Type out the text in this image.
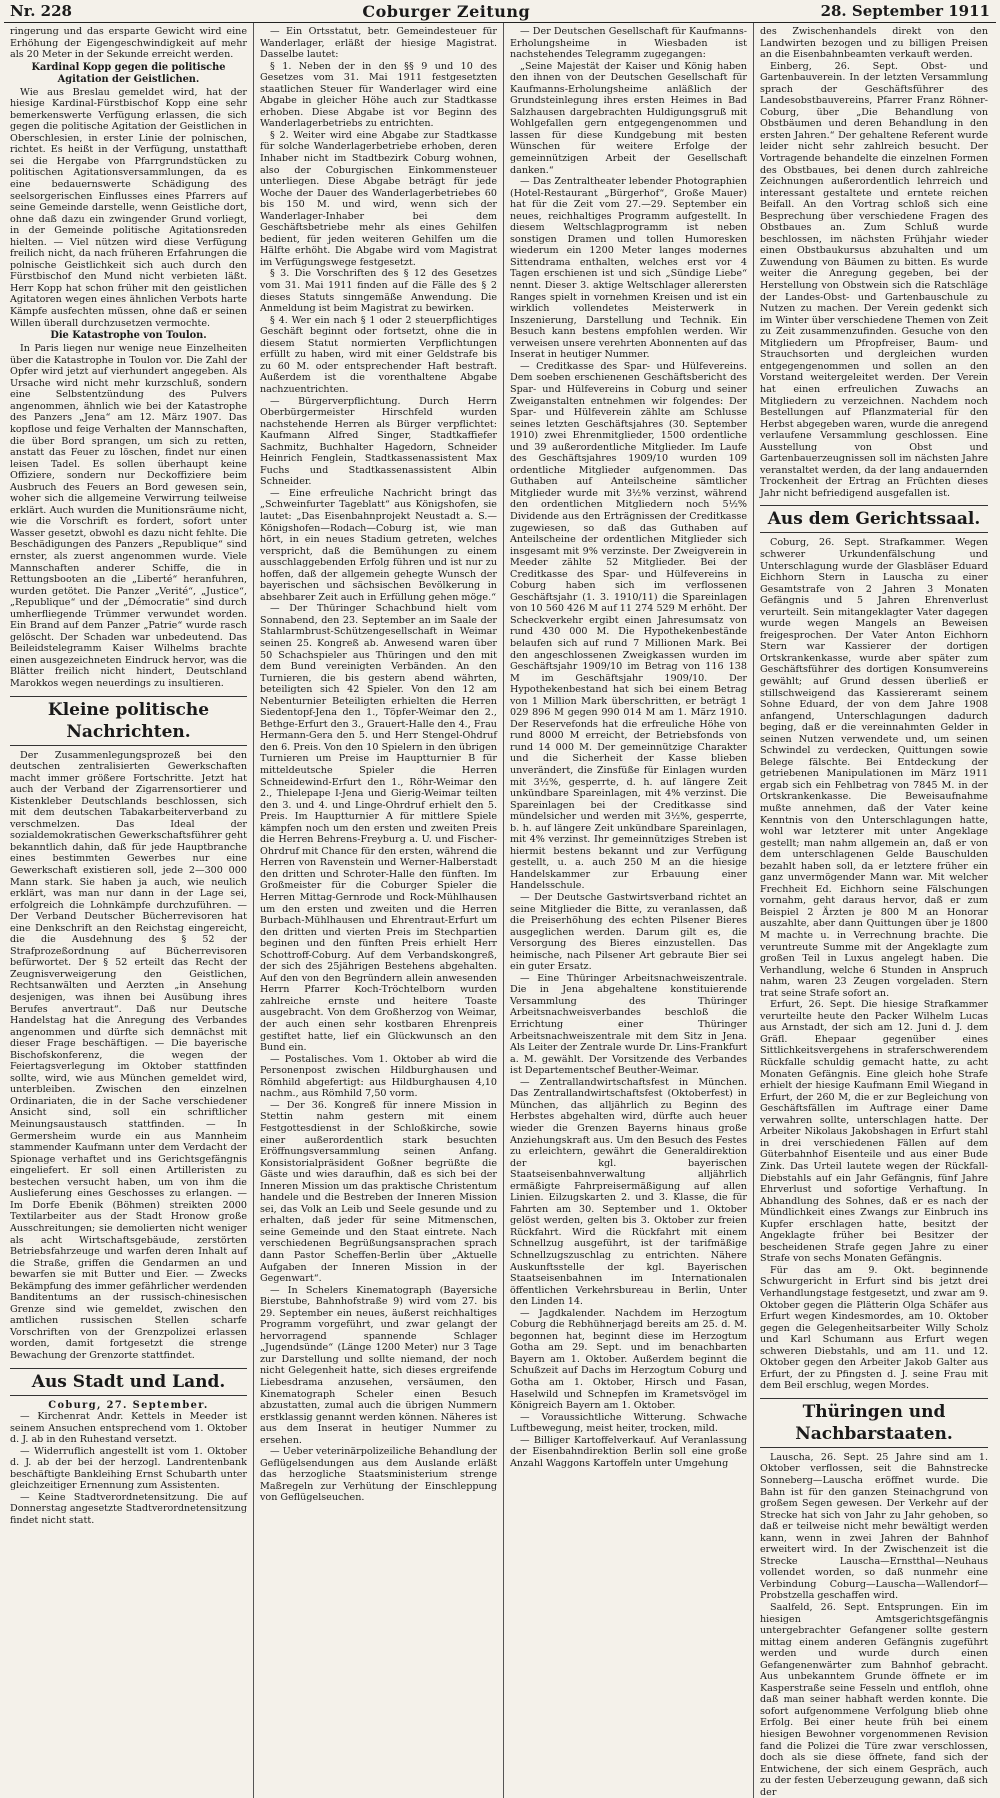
Nr. 228	Coburger Zeitung	28. September 1911

ringerung und das ersparte Gewicht wird eine Erhöhung der Eigengeschwindigkeit auf mehr als 20 Meter in der Sekunde erreicht werden.

Kardinal Kopp gegen die politische Agitation der Geistlichen.

Wie aus Breslau gemeldet wird, hat der hiesige Kardinal-Fürstbischof Kopp eine sehr bemerkenswerte Verfügung erlassen, die sich gegen die politische Agitation der Geistlichen in Oberschlesien, in erster Linie der polnischen, richtet. Es heißt in der Verfügung, unstatthaft sei die Hergabe von Pfarrgrundstücken zu politischen Agitationsversammlungen, da es eine bedauernswerte Schädigung des seelsorgerischen Einflusses eines Pfarrers auf seine Gemeinde darstelle, wenn Geistliche dort, ohne daß dazu ein zwingender Grund vorliegt, in der Gemeinde politische Agitationsreden hielten. — Viel nützen wird diese Verfügung freilich nicht, da nach früheren Erfahrungen die polnische Geistlichkeit sich auch durch den Fürstbischof den Mund nicht verbieten läßt. Herr Kopp hat schon früher mit den geistlichen Agitatoren wegen eines ähnlichen Verbots harte Kämpfe ausfechten müssen, ohne daß er seinen Willen überall durchzusetzen vermochte.

Die Katastrophe von Toulon.

In Paris liegen nur wenige neue Einzelheiten über die Katastrophe in Toulon vor. Die Zahl der Opfer wird jetzt auf vierhundert angegeben. Als Ursache wird nicht mehr kurzschluß, sondern eine Selbstentzündung des Pulvers angenommen, ähnlich wie bei der Katastrophe des Panzers „Jena“ am 12. März 1907. Das kopflose und feige Verhalten der Mannschaften, die über Bord sprangen, um sich zu retten, anstatt das Feuer zu löschen, findet nur einen leisen Tadel. Es sollen überhaupt keine Offiziere, sondern nur Deckoffiziere beim Ausbruch des Feuers an Bord gewesen sein, woher sich die allgemeine Verwirrung teilweise erklärt. Auch wurden die Munitionsräume nicht, wie die Vorschrift es fordert, sofort unter Wasser gesetzt, obwohl es dazu nicht fehlte. Die Beschädigungen des Panzers „Republique“ sind ernster, als zuerst angenommen wurde. Viele Mannschaften anderer Schiffe, die in Rettungsbooten an die „Liberté“ heranfuhren, wurden getötet. Die Panzer „Verité“, „Justice“, „Republique“ und der „Démocratie“ sind durch umherfliegende Trümmer verwundet worden. Ein Brand auf dem Panzer „Patrie“ wurde rasch gelöscht. Der Schaden war unbedeutend. Das Beileidstelegramm Kaiser Wilhelms brachte einen ausgezeichneten Eindruck hervor, was die Blätter freilich nicht hindert, Deutschland Marokkos wegen neuerdings zu insultieren.

Kleine politische Nachrichten.

Der Zusammenlegungsprozeß bei den deutschen zentralisierten Gewerkschaften macht immer größere Fortschritte. Jetzt hat auch der Verband der Zigarrensortierer und Kistenkleber Deutschlands beschlossen, sich mit dem deutschen Tabakarbeiterverband zu verschmelzen. Das Ideal der sozialdemokratischen Gewerkschaftsführer geht bekanntlich dahin, daß für jede Hauptbranche eines bestimmten Gewerbes nur eine Gewerkschaft existieren soll, jede 2—300 000 Mann stark. Sie haben ja auch, wie neulich erklärt, was man nur dann in der Lage sei, erfolgreich die Lohnkämpfe durchzuführen. — Der Verband Deutscher Bücherrevisoren hat eine Denkschrift an den Reichstag eingereicht, die die Ausdehnung des § 52 der Strafprozeßordnung auf Bücherrevisoren befürwortet. Der § 52 erteilt das Recht der Zeugnisverweigerung den Geistlichen, Rechtsanwälten und Aerzten „in Ansehung desjenigen, was ihnen bei Ausübung ihres Berufes anvertraut“. Daß nur Deutsche Handelstag hat die Anregung des Verbandes angenommen und dürfte sich demnächst mit dieser Frage beschäftigen. — Die bayerische Bischofskonferenz, die wegen der Feiertagsverlegung im Oktober stattfinden sollte, wird, wie aus München gemeldet wird, unterbleiben. Zwischen den einzelnen Ordinariaten, die in der Sache verschiedener Ansicht sind, soll ein schriftlicher Meinungsaustausch stattfinden. — In Germersheim wurde ein aus Mannheim stammender Kaufmann unter dem Verdacht der Spionage verhaftet und ins Gerichtsgefängnis eingeliefert. Er soll einen Artilleristen zu bestechen versucht haben, um von ihm die Auslieferung eines Geschosses zu erlangen. — Im Dorfe Ebenik (Böhmen) streikten 2000 Textilarbeiter aus der Stadt Hronow große Ausschreitungen; sie demolierten nicht weniger als acht Wirtschaftsgebäude, zerstörten Betriebsfahrzeuge und warfen deren Inhalt auf die Straße, griffen die Gendarmen an und bewarfen sie mit Butter und Eier. — Zwecks Bekämpfung des immer gefährlicher werdenden Banditentums an der russisch-chinesischen Grenze sind wie gemeldet, zwischen den amtlichen russischen Stellen scharfe Vorschriften von der Grenzpolizei erlassen worden, damit fortgesetzt die strenge Bewachung der Grenzorte stattfindet.

Aus Stadt und Land.
Coburg, 27. September.

— Kirchenrat Andr. Kettels in Meeder ist seinem Ansuchen entsprechend vom 1. Oktober d. J. ab in den Ruhestand versetzt.

— Widerruflich angestellt ist vom 1. Oktober d. J. ab der bei der herzogl. Landrentenbank beschäftigte Bankleihing Ernst Schubarth unter gleichzeitiger Ernennung zum Assistenten.

— Keine Stadtverordnetensitzung. Die auf Donnerstag angesetzte Stadtverordnetensitzung findet nicht statt.

— Ein Ortsstatut, betr. Gemeindesteuer für Wanderlager, erläßt der hiesige Magistrat. Dasselbe lautet:

§ 1. Neben der in den §§ 9 und 10 des Gesetzes vom 31. Mai 1911 festgesetzten staatlichen Steuer für Wanderlager wird eine Abgabe in gleicher Höhe auch zur Stadtkasse erhoben. Diese Abgabe ist vor Beginn des Wanderlagerbetriebs zu entrichten.

§ 2. Weiter wird eine Abgabe zur Stadtkasse für solche Wanderlagerbetriebe erhoben, deren Inhaber nicht im Stadtbezirk Coburg wohnen, also der Coburgischen Einkommensteuer unterliegen. Diese Abgabe beträgt für jede Woche der Dauer des Wanderlagerbetriebes 60 bis 150 M. und wird, wenn sich der Wanderlager-Inhaber bei dem Geschäftsbetriebe mehr als eines Gehilfen bedient, für jeden weiteren Gehilfen um die Hälfte erhöht. Die Abgabe wird vom Magistrat im Verfügungswege festgesetzt.

§ 3. Die Vorschriften des § 12 des Gesetzes vom 31. Mai 1911 finden auf die Fälle des § 2 dieses Statuts sinngemäße Anwendung. Die Anmeldung ist beim Magistrat zu bewirken.

§ 4. Wer ein nach § 1 oder 2 steuerpflichtiges Geschäft beginnt oder fortsetzt, ohne die in diesem Statut normierten Verpflichtungen erfüllt zu haben, wird mit einer Geldstrafe bis zu 60 M. oder entsprechender Haft bestraft. Außerdem ist die vorenthaltene Abgabe nachzuentrichten.

— Bürgerverpflichtung. Durch Herrn Oberbürgermeister Hirschfeld wurden nachstehende Herren als Bürger verpflichtet: Kaufmann Alfred Singer, Stadtkaffiefer Sachmitz, Buchhalter Hagedorn, Schneider Heinrich Fenglein, Stadtkassenassistent Max Fuchs und Stadtkassenassistent Albin Schneider.

— Eine erfreuliche Nachricht bringt das „Schweinfurter Tageblatt“ aus Königshofen, sie lautet: „Das Eisenbahnprojekt Neustadt a. S.—Königshofen—Rodach—Coburg ist, wie man hört, in ein neues Stadium getreten, welches verspricht, daß die Bemühungen zu einem ausschlaggebenden Erfolg führen und ist nur zu hoffen, daß der allgemein gehegte Wunsch der bayerischen und sächsischen Bevölkerung in absehbarer Zeit auch in Erfüllung gehen möge.“

— Der Thüringer Schachbund hielt vom Sonnabend, den 23. September an im Saale der Stahlarmbrust-Schützengesellschaft in Weimar seinen 25. Kongreß ab. Anwesend waren über 50 Schachspieler aus Thüringen und den mit dem Bund vereinigten Verbänden. An den Turnieren, die bis gestern abend währten, beteiligten sich 42 Spieler. Von den 12 am Nebenturnier Beteiligten erhielten die Herren Siedentopf-Jena den 1., Töpfer-Weimar den 2., Bethge-Erfurt den 3., Grauert-Halle den 4., Frau Hermann-Gera den 5. und Herr Stengel-Ohdruf den 6. Preis. Von den 10 Spielern in den übrigen Turnieren um Preise im Hauptturnier B für mitteldeutsche Spieler die Herren Schneidewind-Erfurt den 1., Röhr-Weimar den 2., Thielepape I-Jena und Gierig-Weimar teilten den 3. und 4. und Linge-Ohrdruf erhielt den 5. Preis. Im Hauptturnier A für mittlere Spiele kämpfen noch um den ersten und zweiten Preis die Herren Behrens-Freyburg a. U. und Fischer-Ohrdruf mit Chance für den ersten, während die Herren von Ravenstein und Werner-Halberstadt den dritten und Schroter-Halle den fünften. Im Großmeister für die Coburger Spieler die Herren Mittag-Gernrode und Rock-Mühlhausen um den ersten und zweiten und die Herren Burbach-Mühlhausen und Ehrentraut-Erfurt um den dritten und vierten Preis im Stechpartien beginen und den fünften Preis erhielt Herr Schottroff-Coburg. Auf dem Verbandskongreß, der sich des 25jährigen Bestehens abgehalten. Auf den von den Begründern allein anwesenden Herrn Pfarrer Koch-Tröchtelborn wurden zahlreiche ernste und heitere Toaste ausgebracht. Von dem Großherzog von Weimar, der auch einen sehr kostbaren Ehrenpreis gestiftet hatte, lief ein Glückwunsch an den Bund ein.

— Postalisches. Vom 1. Oktober ab wird die Personenpost zwischen Hildburghausen und Römhild abgefertigt: aus Hildburghausen 4,10 nachm., aus Römhild 7,50 vorm.

— Der 36. Kongreß für innere Mission in Stettin nahm gestern mit einem Festgottesdienst in der Schloßkirche, sowie einer außerordentlich stark besuchten Eröffnungsversammlung seinen Anfang. Konsistorialpräsident Goßner begrüßte die Gäste und wies daraufhin, daß es sich bei der Inneren Mission um das praktische Christentum handele und die Bestreben der Inneren Mission sei, das Volk an Leib und Seele gesunde und zu erhalten, daß jeder für seine Mitmenschen, seine Gemeinde und den Staat eintrete. Nach verschiedenen Begrüßungsansprachen sprach dann Pastor Scheffen-Berlin über „Aktuelle Aufgaben der Inneren Mission in der Gegenwart“.

— In Schelers Kinematograph (Bayersiche Bierstube, Bahnhofstraße 9) wird vom 27. bis 29. September ein neues, äußerst reichhaltiges Programm vorgeführt, und zwar gelangt der hervorragend spannende Schlager „Jugendsünde“ (Länge 1200 Meter) nur 3 Tage zur Darstellung und sollte niemand, der noch nicht Gelegenheit hatte, sich dieses ergreifende Liebesdrama anzusehen, versäumen, den Kinematograph Scheler einen Besuch abzustatten, zumal auch die übrigen Nummern erstklassig genannt werden können. Näheres ist aus dem Inserat in heutiger Nummer zu ersehen.

— Ueber veterinärpolizeiliche Behandlung der Geflügelsendungen aus dem Auslande erläßt das herzogliche Staatsministerium strenge Maßregeln zur Verhütung der Einschleppung von Geflügelseuchen.

— Der Deutschen Gesellschaft für Kaufmanns-Erholungsheime in Wiesbaden ist nachstehendes Telegramm zugegangen:

„Seine Majestät der Kaiser und König haben den ihnen von der Deutschen Gesellschaft für Kaufmanns-Erholungsheime anläßlich der Grundsteinlegung ihres ersten Heimes in Bad Salzhausen dargebrachten Huldigungsgruß mit Wohlgefallen gern entgegengenommen und lassen für diese Kundgebung mit besten Wünschen für weitere Erfolge der gemeinnützigen Arbeit der Gesellschaft danken.“

— Das Zentraltheater lebender Photographien (Hotel-Restaurant „Bürgerhof“, Große Mauer) hat für die Zeit vom 27.—29. September ein neues, reichhaltiges Programm aufgestellt. In diesem Weltschlagprogramm ist neben sonstigen Dramen und tollen Humoresken wiederum ein 1200 Meter langes modernes Sittendrama enthalten, welches erst vor 4 Tagen erschienen ist und sich „Sündige Liebe“ nennt. Dieser 3. aktige Weltschlager allerersten Ranges spielt in vornehmen Kreisen und ist ein wirklich vollendetes Meisterwerk in Inszenierung, Darstellung und Technik. Ein Besuch kann bestens empfohlen werden. Wir verweisen unsere verehrten Abonnenten auf das Inserat in heutiger Nummer.

— Creditkasse des Spar- und Hülfevereins. Dem soeben erschienenen Geschäftsbericht des Spar- und Hülfevereins in Coburg und seiner Zweiganstalten entnehmen wir folgendes: Der Spar- und Hülfeverein zählte am Schlusse seines letzten Geschäftsjahres (30. September 1910) zwei Ehrenmitglieder, 1500 ordentliche und 39 außerordentliche Mitglieder. Im Laufe des Geschäftsjahres 1909/10 wurden 109 ordentliche Mitglieder aufgenommen. Das Guthaben auf Anteilscheine sämtlicher Mitglieder wurde mit 3½% verzinst, während den ordentlichen Mitgliedern noch 5½% Dividende aus den Erträgnissen der Creditkasse zugewiesen, so daß das Guthaben auf Anteilscheine der ordentlichen Mitglieder sich insgesamt mit 9% verzinste. Der Zweigverein in Meeder zählte 52 Mitglieder. Bei der Creditkasse des Spar- und Hülfevereins in Coburg haben sich im verflossenen Geschäftsjahr (1. 3. 1910/11) die Spareinlagen von 10 560 426 M auf 11 274 529 M erhöht. Der Scheckverkehr ergibt einen Jahresumsatz von rund 430 000 M. Die Hypothekenbestände belaufen sich auf rund 7 Millionen Mark. Bei den angeschlossenen Zweigkassen wurden im Geschäftsjahr 1909/10 im Betrag von 116 138 M im Geschäftsjahr 1909/10. Der Hypothekenbestand hat sich bei einem Betrag von 1 Million Mark überschritten, er beträgt 1 029 896 M gegen 990 014 M am 1. März 1910. Der Reservefonds hat die erfreuliche Höhe von rund 8000 M erreicht, der Betriebsfonds von rund 14 000 M. Der gemeinnützige Charakter und die Sicherheit der Kasse blieben unverändert, die Zinsfüße für Einlagen wurden mit 3½%, gesperrte, d. h. auf längere Zeit unkündbare Spareinlagen, mit 4% verzinst. Die Spareinlagen bei der Creditkasse sind mündelsicher und werden mit 3½%, gesperrte, b. h. auf längere Zeit unkündbare Spareinlagen, mit 4% verzinst. Ihr gemeinnütziges Streben ist hiermit bestens bekannt und zur Verfügung gestellt, u. a. auch 250 M an die hiesige Handelskammer zur Erbauung einer Handelsschule.

— Der Deutsche Gastwirtsverband richtet an seine Mitglieder die Bitte, zu veranlassen, daß die Preiserhöhung des echten Pilsener Bieres ausgeglichen werden. Darum gilt es, die Versorgung des Bieres einzustellen. Das heimische, nach Pilsener Art gebraute Bier sei ein guter Ersatz.

— Eine Thüringer Arbeitsnachweiszentrale. Die in Jena abgehaltene konstituierende Versammlung des Thüringer Arbeitsnachweisverbandes beschloß die Errichtung einer Thüringer Arbeitsnachweiszentrale mit dem Sitz in Jena. Als Leiter der Zentrale wurde Dr. Lins-Frankfurt a. M. gewählt. Der Vorsitzende des Verbandes ist Departementschef Beuther-Weimar.

— Zentrallandwirtschaftsfest in München. Das Zentrallandwirtschaftsfest (Oktoberfest) in München, das alljährlich zu Beginn des Herbstes abgehalten wird, dürfte auch heuer wieder die Grenzen Bayerns hinaus große Anziehungskraft aus. Um den Besuch des Festes zu erleichtern, gewährt die Generaldirektion der kgl. bayerischen Staatseisenbahnverwaltung alljährlich ermäßigte Fahrpreisermäßigung auf allen Linien. Eilzugskarten 2. und 3. Klasse, die für Fahrten am 30. September und 1. Oktober gelöst werden, gelten bis 3. Oktober zur freien Rückfahrt. Wird die Rückfahrt mit einem Schnellzug ausgeführt, ist der tarifmäßige Schnellzugszuschlag zu entrichten. Nähere Auskunftsstelle der kgl. Bayerischen Staatseisenbahnen im Internationalen öffentlichen Verkehrsbureau in Berlin, Unter den Linden 14.

— Jagdkalender. Nachdem im Herzogtum Coburg die Rebhühnerjagd bereits am 25. d. M. begonnen hat, beginnt diese im Herzogtum Gotha am 29. Sept. und im benachbarten Bayern am 1. Oktober. Außerdem beginnt die Schußzeit auf Dachs im Herzogtum Coburg und Gotha am 1. Oktober, Hirsch und Fasan, Haselwild und Schnepfen im Krametsvögel im Königreich Bayern am 1. Oktober.

— Voraussichtliche Witterung. Schwache Luftbewegung, meist heiter, trocken, mild.

— Billiger Kartoffelverkauf. Auf Veranlassung der Eisenbahndirektion Berlin soll eine große Anzahl Waggons Kartoffeln unter Umgehung

des Zwischenhandels direkt von den Landwirten bezogen und zu billigen Preisen an die Eisenbahnbeamten verkauft werden.

Einberg, 26. Sept. Obst- und Gartenbauverein. In der letzten Versammlung sprach der Geschäftsführer des Landesobstbauvereins, Pfarrer Franz Röhner-Coburg, über „Die Behandlung von Obstbäumen und deren Behandlung in den ersten Jahren.“ Der gehaltene Referent wurde leider nicht sehr zahlreich besucht. Der Vortragende behandelte die einzelnen Formen des Obstbaues, bei denen durch zahlreiche Zeichnungen außerordentlich lehrreich und interessant gestaltete und erntete reichen Beifall. An den Vortrag schloß sich eine Besprechung über verschiedene Fragen des Obstbaues an. Zum Schluß wurde beschlossen, im nächsten Frühjahr wieder einen Obstbaukursus abzuhalten und um Zuwendung von Bäumen zu bitten. Es wurde weiter die Anregung gegeben, bei der Herstellung von Obstwein sich die Ratschläge der Landes-Obst- und Gartenbauschule zu Nutzen zu machen. Der Verein gedenkt sich im Winter über verschiedene Themen von Zeit zu Zeit zusammenzufinden. Gesuche von den Mitgliedern um Pfropfreiser, Baum- und Strauchsorten und dergleichen wurden entgegengenommen und sollen an den Vorstand weitergeleitet werden. Der Verein hat einen erfreulichen Zuwachs an Mitgliedern zu verzeichnen. Nachdem noch Bestellungen auf Pflanzmaterial für den Herbst abgegeben waren, wurde die anregend verlaufene Versammlung geschlossen. Eine Ausstellung von Obst und Gartenbauerzeugnissen soll im nächsten Jahre veranstaltet werden, da der lang andauernden Trockenheit der Ertrag an Früchten dieses Jahr nicht befriedigend ausgefallen ist.

Aus dem Gerichtssaal.

Coburg, 26. Sept. Strafkammer. Wegen schwerer Urkundenfälschung und Unterschlagung wurde der Glasbläser Eduard Eichhorn Stern in Lauscha zu einer Gesamtstrafe von 2 Jahren 3 Monaten Gefängnis und 5 Jahren Ehrenverlust verurteilt. Sein mitangeklagter Vater dagegen wurde wegen Mangels an Beweisen freigesprochen. Der Vater Anton Eichhorn Stern war Kassierer der dortigen Ortskrankenkasse, wurde aber später zum Geschäftsführer des dortigen Konsumvereins gewählt; auf Grund dessen überließ er stillschweigend das Kassiereramt seinem Sohne Eduard, der von dem Jahre 1908 anfangend, Unterschlagungen dadurch beging, daß er die vereinnahmten Gelder in seinen Nutzen verwendete und, um seinen Schwindel zu verdecken, Quittungen sowie Belege fälschte. Bei Entdeckung der getriebenen Manipulationen im März 1911 ergab sich ein Fehlbetrag von 7845 M. in der Ortskrankenkasse. Die Beweisaufnahme mußte annehmen, daß der Vater keine Kenntnis von den Unterschlagungen hatte, wohl war letzterer mit unter Angeklage gestellt; man nahm allgemein an, daß er von dem unterschlagenen Gelde Bauschulden bezahlt haben soll, da er letztere früher ein ganz unvermögender Mann war. Mit welcher Frechheit Ed. Eichhorn seine Fälschungen vornahm, geht daraus hervor, daß er zum Beispiel 2 Ärzten je 800 M an Honorar auszahlte, aber dann Quittungen über je 1800 M machte u. in Verrechnung brachte. Die veruntreute Summe mit der Angeklagte zum großen Teil in Luxus angelegt haben. Die Verhandlung, welche 6 Stunden in Anspruch nahm, waren 23 Zeugen vorgeladen. Stern trat seine Strafe sofort an.

Erfurt, 26. Sept. Die hiesige Strafkammer verurteilte heute den Packer Wilhelm Lucas aus Arnstadt, der sich am 12. Juni d. J. dem Gräfl. Ehepaar gegenüber eines Sittlichkeitsvergehens in straferschwerendem Rückfalle schuldig gemacht hatte, zu acht Monaten Gefängnis. Eine gleich hohe Strafe erhielt der hiesige Kaufmann Emil Wiegand in Erfurt, der 260 M, die er zur Begleichung von Geschäftsfällen im Auftrage einer Dame verwahren sollte, unterschlagen hatte. Der Arbeiter Nikolaus Jakobshagen in Erfurt stahl in drei verschiedenen Fällen auf dem Güterbahnhof Eisenteile und aus einer Bude Zink. Das Urteil lautete wegen der Rückfall-Diebstahls auf ein Jahr Gefängnis, fünf Jahre Ehrverlust und sofortige Verhaftung. In Abhandlung des Sohnes, daß er es nach der Mündlichkeit eines Zwangs zur Einbruch ins Kupfer erschlagen hatte, besitzt der Angeklagte früher bei Besitzer der bescheidenen Strafe gegen Jahre zu einer Strafe von sechs Monaten Gefängnis.

Für das am 9. Okt. beginnende Schwurgericht in Erfurt sind bis jetzt drei Verhandlungstage festgesetzt, und zwar am 9. Oktober gegen die Plätterin Olga Schäfer aus Erfurt wegen Kindesmordes, am 10. Oktober gegen die Gelegenheitsarbeiter Willy Scholz und Karl Schumann aus Erfurt wegen schweren Diebstahls, und am 11. und 12. Oktober gegen den Arbeiter Jakob Galter aus Erfurt, der zu Pfingsten d. J. seine Frau mit dem Beil erschlug, wegen Mordes.

Thüringen und Nachbarstaaten.

Lauscha, 26. Sept. 25 Jahre sind am 1. Oktober verflossen, seit die Bahnstrecke Sonneberg—Lauscha eröffnet wurde. Die Bahn ist für den ganzen Steinachgrund von großem Segen gewesen. Der Verkehr auf der Strecke hat sich von Jahr zu Jahr gehoben, so daß er teilweise nicht mehr bewältigt werden kann, wenn in zwei Jahren der Bahnhof erweitert wird. In der Zwischenzeit ist die Strecke Lauscha—Ernstthal—Neuhaus vollendet worden, so daß nunmehr eine Verbindung Coburg—Lauscha—Wallendorf—Probstzella geschaffen wird.

Saalfeld, 26. Sept. Entsprungen. Ein im hiesigen Amtsgerichtsgefängnis untergebrachter Gefangener sollte gestern mittag einem anderen Gefängnis zugeführt werden und wurde durch einen Gefangenenwärter zum Bahnhof gebracht. Aus unbekanntem Grunde öffnete er im Kasperstraße seine Fesseln und entfloh, ohne daß man seiner habhaft werden konnte. Die sofort aufgenommene Verfolgung blieb ohne Erfolg. Bei einer heute früh bei einem hiesigen Bewohner vorgenommenen Revision fand die Polizei die Türe zwar verschlossen, doch als sie diese öffnete, fand sich der Entwichene, der sich einem Gespräch, auch zu der festen Ueberzeugung gewann, daß sich der
